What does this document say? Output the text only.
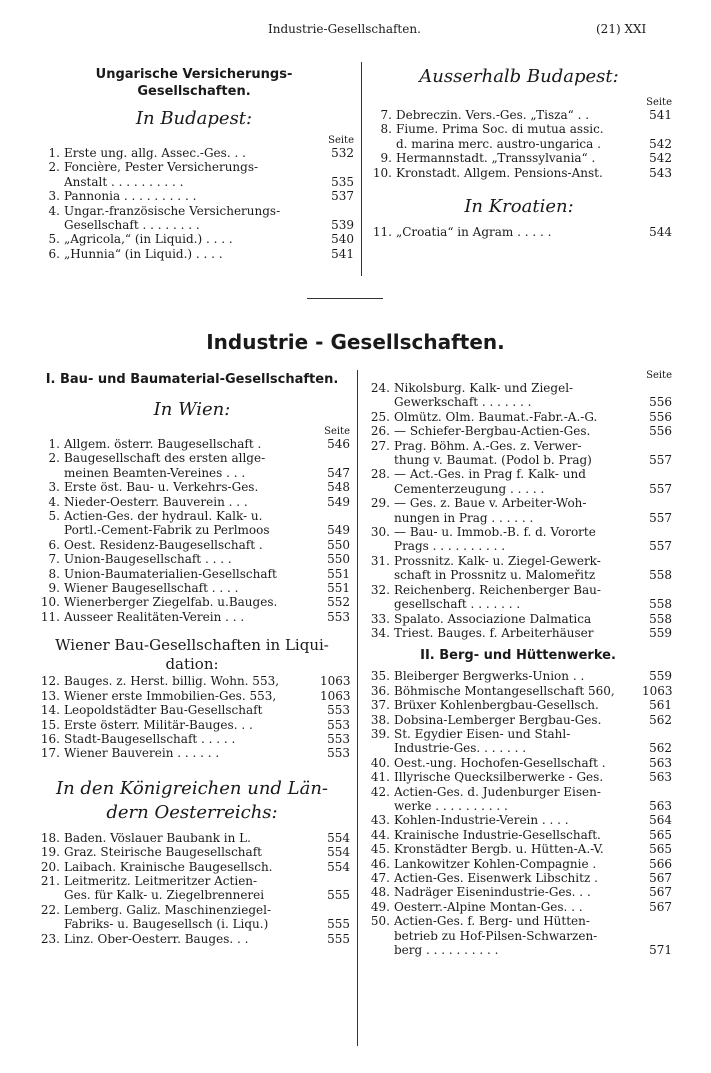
Industrie-Gesellschaften.	(21) XXI
Ungarische Versicherungs-
Gesellschaften.
In Budapest:
Seite
1. Erste ung. allg. Assec.-Ges. . .	532
2. Foncière, Pester Versicherungs-
Anstalt . . . . . . . . . .	535
3. Pannonia . . . . . . . . . .	537
4. Ungar.-französische Versicherungs-
Gesellschaft . . . . . . . .	539
5. „Agricola,“ (in Liquid.) . . . .	540
6. „Hunnia“ (in Liquid.) . . . .	541
Ausserhalb Budapest:
Seite
7. Debreczin. Vers.-Ges. „Tisza“ . .	541
8. Fiume. Prima Soc. di mutua assic.
d. marina merc. austro-ungarica .	542
9. Hermannstadt. „Transsylvania“ .	542
10. Kronstadt. Allgem. Pensions-Anst.	543
In Kroatien:
11. „Croatia“ in Agram . . . . .	544
Industrie - Gesellschaften.
I. Bau- und Baumaterial-Gesellschaften.
In Wien:
Seite
1. Allgem. österr. Baugesellschaft .	546
2. Baugesellschaft des ersten allge-
meinen Beamten-Vereines . . .	547
3. Erste öst. Bau- u. Verkehrs-Ges.	548
4. Nieder-Oesterr. Bauverein . . .	549
5. Actien-Ges. der hydraul. Kalk- u.
Portl.-Cement-Fabrik zu Perlmoos	549
6. Oest. Residenz-Baugesellschaft .	550
7. Union-Baugesellschaft . . . .	550
8. Union-Baumaterialien-Gesellschaft	551
9. Wiener Baugesellschaft . . . .	551
10. Wienerberger Ziegelfab. u.Bauges.	552
11. Ausseer Realitäten-Verein . . .	553
Wiener Bau-Gesellschaften in Liqui-
dation:
12. Bauges. z. Herst. billig. Wohn. 553,	1063
13. Wiener erste Immobilien-Ges. 553,	1063
14. Leopoldstädter Bau-Gesellschaft	553
15. Erste österr. Militär-Bauges. . .	553
16. Stadt-Baugesellschaft . . . . .	553
17. Wiener Bauverein . . . . . .	553
In den Königreichen und Län-
dern Oesterreichs:
18. Baden. Vöslauer Baubank in L.	554
19. Graz. Steirische Baugesellschaft	554
20. Laibach. Krainische Baugesellsch.	554
21. Leitmeritz. Leitmeritzer Actien-
Ges. für Kalk- u. Ziegelbrennerei	555
22. Lemberg. Galiz. Maschinenziegel-
Fabriks- u. Baugesellsch (i. Liqu.)	555
23. Linz. Ober-Oesterr. Bauges. . .	555
Seite
24. Nikolsburg. Kalk- und Ziegel-
Gewerkschaft . . . . . . .	556
25. Olmütz. Olm. Baumat.-Fabr.-A.-G.	556
26. — Schiefer-Bergbau-Actien-Ges.	556
27. Prag. Böhm. A.-Ges. z. Verwer-
thung v. Baumat. (Podol b. Prag)	557
28. — Act.-Ges. in Prag f. Kalk- und
Cementerzeugung . . . . .	557
29. — Ges. z. Baue v. Arbeiter-Woh-
nungen in Prag . . . . . .	557
30. — Bau- u. Immob.-B. f. d. Vororte
Prags . . . . . . . . . .	557
31. Prossnitz. Kalk- u. Ziegel-Gewerk-
schaft in Prossnitz u. Malomeřitz	558
32. Reichenberg. Reichenberger Bau-
gesellschaft . . . . . . .	558
33. Spalato. Associazione Dalmatica	558
34. Triest. Bauges. f. Arbeiterhäuser	559
II. Berg- und Hüttenwerke.
35. Bleiberger Bergwerks-Union . .	559
36. Böhmische Montangesellschaft 560,	1063
37. Brüxer Kohlenbergbau-Gesellsch.	561
38. Dobsina-Lemberger Bergbau-Ges.	562
39. St. Egydier Eisen- und Stahl-
Industrie-Ges. . . . . . .	562
40. Oest.-ung. Hochofen-Gesellschaft .	563
41. Illyrische Quecksilberwerke - Ges.	563
42. Actien-Ges. d. Judenburger Eisen-
werke . . . . . . . . . .	563
43. Kohlen-Industrie-Verein . . . .	564
44. Krainische Industrie-Gesellschaft.	565
45. Kronstädter Bergb. u. Hütten-A.-V.	565
46. Lankowitzer Kohlen-Compagnie .	566
47. Actien-Ges. Eisenwerk Libschitz .	567
48. Nadräger Eisenindustrie-Ges. . .	567
49. Oesterr.-Alpine Montan-Ges. . .	567
50. Actien-Ges. f. Berg- und Hütten-
betrieb zu Hof-Pilsen-Schwarzen-
berg . . . . . . . . . .	571
